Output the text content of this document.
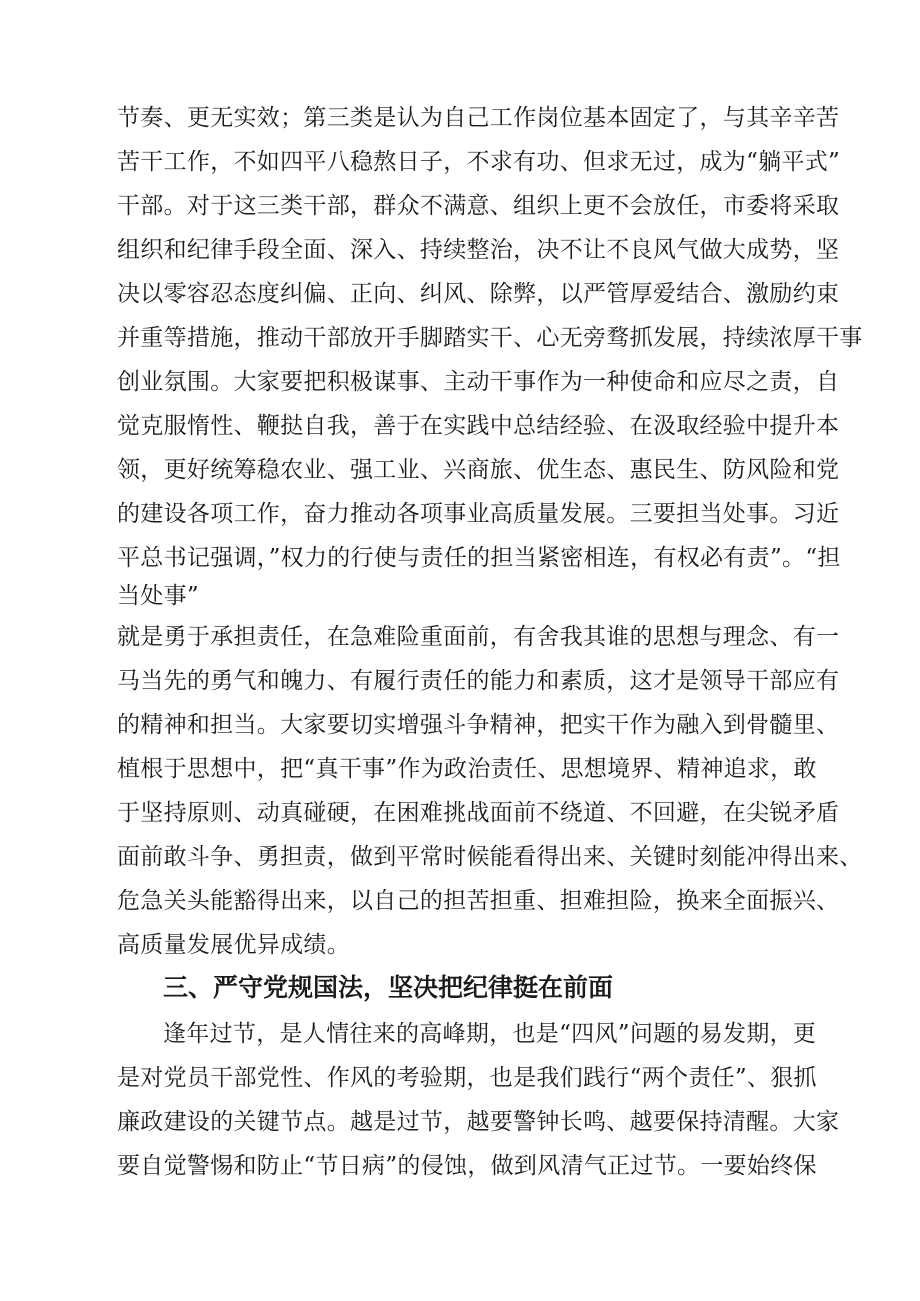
节奏、更无实效；第三类是认为自己工作岗位基本固定了，与其辛辛苦
苦干工作，不如四平八稳熬日子，不求有功、但求无过，成为“躺平式”
干部。对于这三类干部，群众不满意、组织上更不会放任，市委将采取
组织和纪律手段全面、深入、持续整治，决不让不良风气做大成势，坚
决以零容忍态度纠偏、正向、纠风、除弊，以严管厚爱结合、激励约束
并重等措施，推动干部放开手脚踏实干、心无旁骛抓发展，持续浓厚干事
创业氛围。大家要把积极谋事、主动干事作为一种使命和应尽之责，自
觉克服惰性、鞭挞自我，善于在实践中总结经验、在汲取经验中提升本
领，更好统筹稳农业、强工业、兴商旅、优生态、惠民生、防风险和党
的建设各项工作，奋力推动各项事业高质量发展。三要担当处事。习近
平总书记强调，”权力的行使与责任的担当紧密相连，有权必有责”。“担
当处事”
就是勇于承担责任，在急难险重面前，有舍我其谁的思想与理念、有一
马当先的勇气和魄力、有履行责任的能力和素质，这才是领导干部应有
的精神和担当。大家要切实增强斗争精神，把实干作为融入到骨髓里、
植根于思想中，把“真干事”作为政治责任、思想境界、精神追求，敢
于坚持原则、动真碰硬，在困难挑战面前不绕道、不回避，在尖锐矛盾
面前敢斗争、勇担责，做到平常时候能看得出来、关键时刻能冲得出来、
危急关头能豁得出来，以自己的担苦担重、担难担险，换来全面振兴、
高质量发展优异成绩。
三、严守党规国法，坚决把纪律挺在前面
逢年过节，是人情往来的高峰期，也是“四风”问题的易发期，更
是对党员干部党性、作风的考验期，也是我们践行“两个责任”、狠抓
廉政建设的关键节点。越是过节，越要警钟长鸣、越要保持清醒。大家
要自觉警惕和防止“节日病”的侵蚀，做到风清气正过节。一要始终保
